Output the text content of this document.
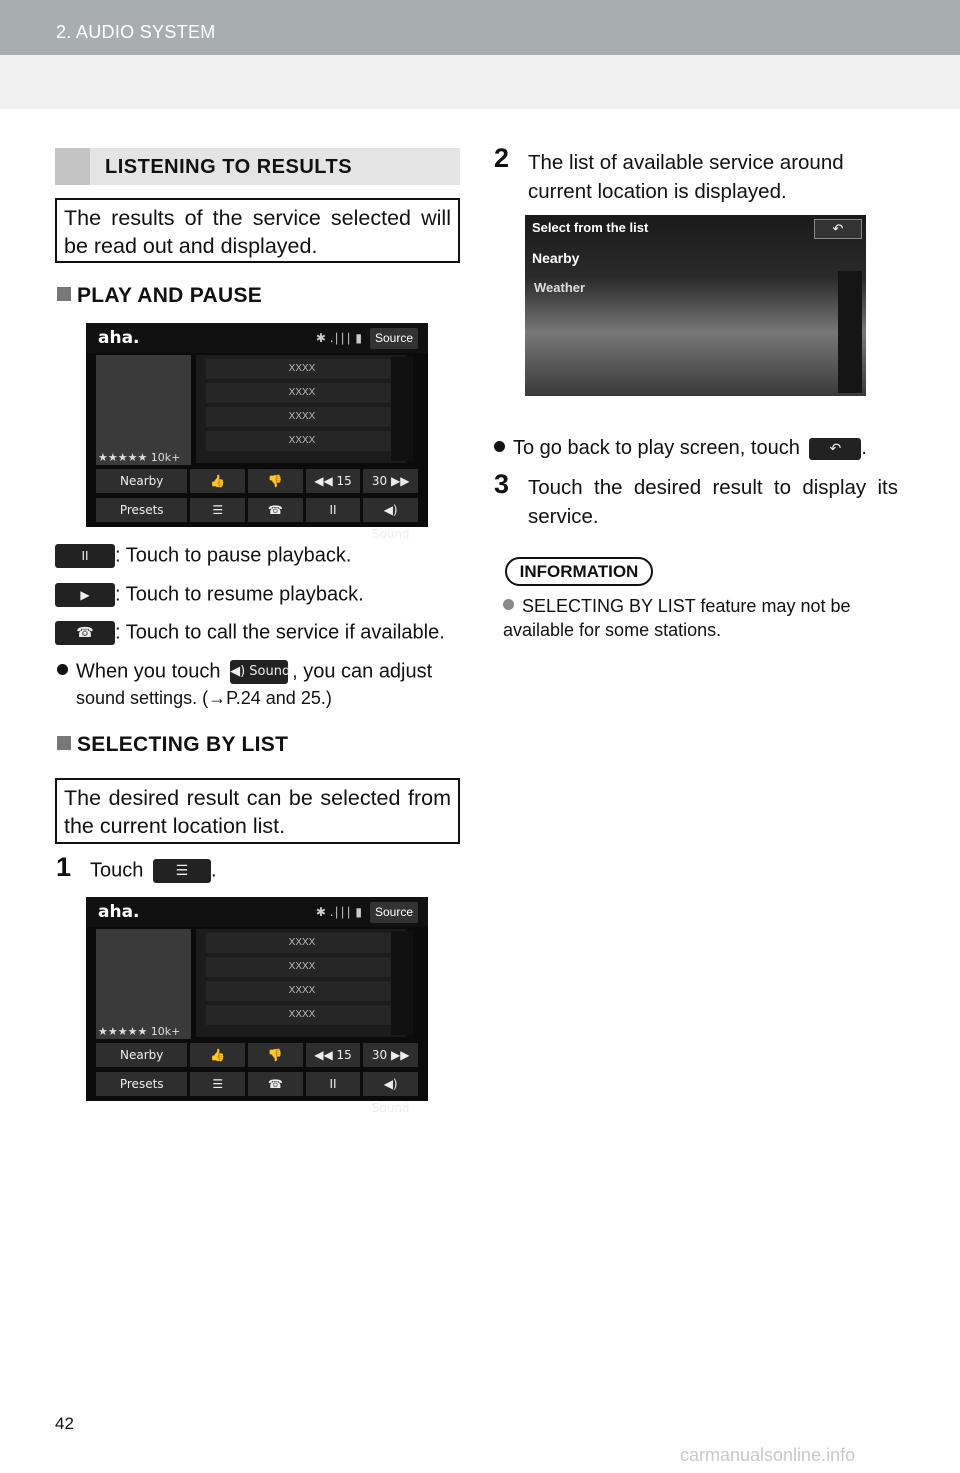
2. AUDIO SYSTEM
LISTENING TO RESULTS
The results of the service selected will be read out and displayed.
PLAY AND PAUSE
aha.	✱ .∣∣∣ ▮	Source
★★★★★ 10k+
XXXX
XXXX
XXXX
XXXX
Nearby	👍	👎	◀◀ 15	30 ▶▶
Presets	☰	☎	II	◀) Sound
II : Touch to pause playback.
▶ : Touch to resume playback.
☎ : Touch to call the service if available.
When you touch ◀) Sound, you can adjust
sound settings. (→P.24 and 25.)
SELECTING BY LIST
The desired result can be selected from the current location list.
1 Touch ☰ .
aha.	✱ .∣∣∣ ▮	Source
★★★★★ 10k+
XXXX
XXXX
XXXX
XXXX
Nearby	👍	👎	◀◀ 15	30 ▶▶
Presets	☰	☎	II	◀) Sound
2 The list of available service around current location is displayed.
Select from the list	↶
Nearby
Weather
To go back to play screen, touch ↶ .
3 Touch the desired result to display its service.
INFORMATION
SELECTING BY LIST feature may not be available for some stations.
42
carmanualsonline.info
